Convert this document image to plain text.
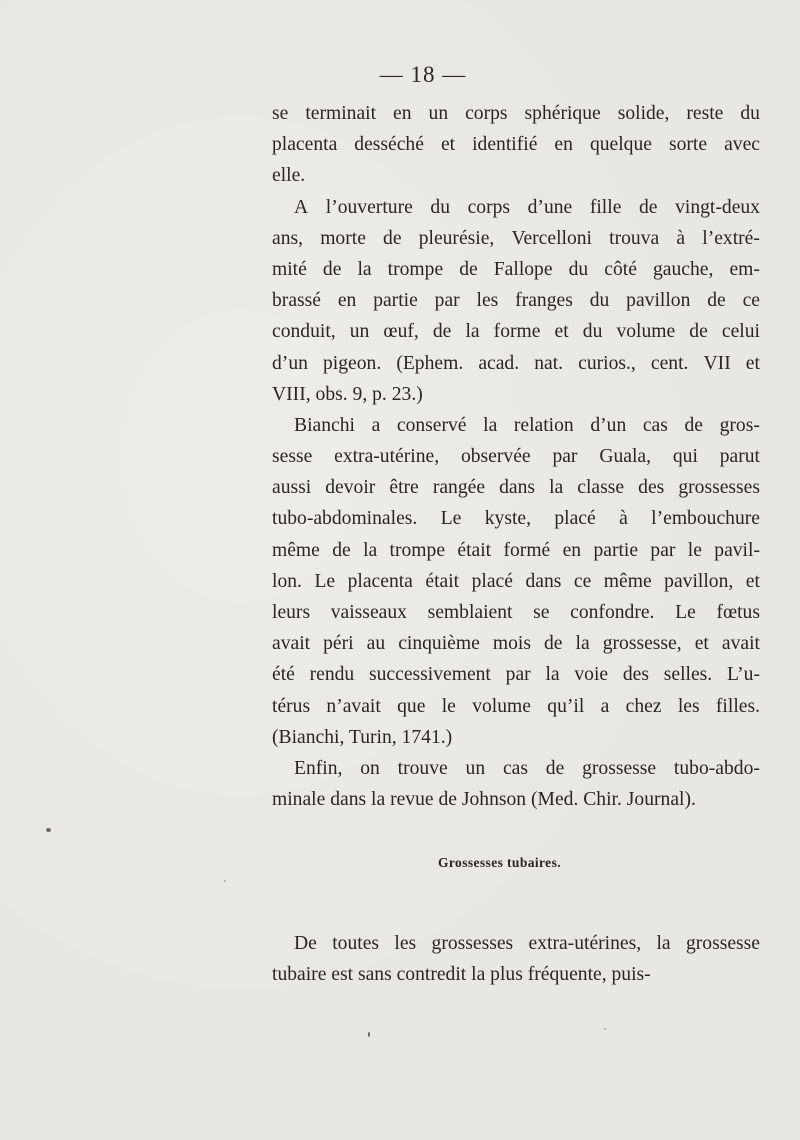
— 18 —
se terminait en un corps sphérique solide, reste du
placenta desséché et identifié en quelque sorte avec
elle.
A l’ouverture du corps d’une fille de vingt-deux
ans, morte de pleurésie, Vercelloni trouva à l’extré-
mité de la trompe de Fallope du côté gauche, em-
brassé en partie par les franges du pavillon de ce
conduit, un œuf, de la forme et du volume de celui
d’un pigeon. (Ephem. acad. nat. curios., cent. VII et
VIII, obs. 9, p. 23.)
Bianchi a conservé la relation d’un cas de gros-
sesse extra-utérine, observée par Guala, qui parut
aussi devoir être rangée dans la classe des grossesses
tubo-abdominales. Le kyste, placé à l’embouchure
même de la trompe était formé en partie par le pavil-
lon. Le placenta était placé dans ce même pavillon, et
leurs vaisseaux semblaient se confondre. Le fœtus
avait péri au cinquième mois de la grossesse, et avait
été rendu successivement par la voie des selles. L’u-
térus n’avait que le volume qu’il a chez les filles.
(Bianchi, Turin, 1741.)
Enfin, on trouve un cas de grossesse tubo-abdo-
minale dans la revue de Johnson (Med. Chir. Journal).
Grossesses tubaires.
De toutes les grossesses extra-utérines, la grossesse
tubaire est sans contredit la plus fréquente, puis-
